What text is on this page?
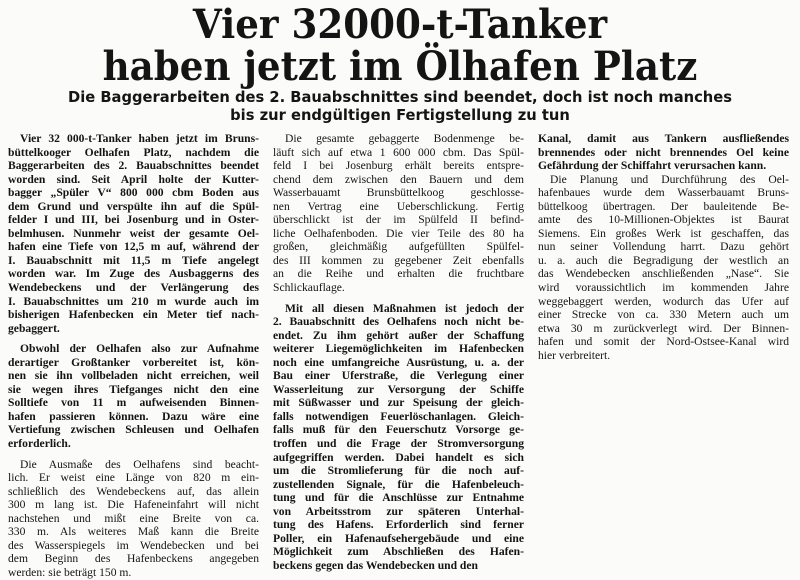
Vier 32000-t-Tanker
haben jetzt im Ölhafen Platz
Die Baggerarbeiten des 2. Bauabschnittes sind beendet, doch ist noch manches
bis zur endgültigen Fertigstellung zu tun

Vier 32 000-t-Tanker haben jetzt im Bruns-
büttelkooger Oelhafen Platz, nachdem die
Baggerarbeiten des 2. Bauabschnittes beendet
worden sind. Seit April holte der Kutter-
bagger „Spüler V“ 800 000 cbm Boden aus
dem Grund und verspülte ihn auf die Spül-
felder I und III, bei Josenburg und in Oster-
belmhusen. Nunmehr weist der gesamte Oel-
hafen eine Tiefe von 12,5 m auf, während der
I. Bauabschnitt mit 11,5 m Tiefe angelegt
worden war. Im Zuge des Ausbaggerns des
Wendebeckens und der Verlängerung des
I. Bauabschnittes um 210 m wurde auch im
bisherigen Hafenbecken ein Meter tief nach-
gebaggert.

Obwohl der Oelhafen also zur Aufnahme
derartiger Großtanker vorbereitet ist, kön-
nen sie ihn vollbeladen nicht erreichen, weil
sie wegen ihres Tiefganges nicht den eine
Solltiefe von 11 m aufweisenden Binnen-
hafen passieren können. Dazu wäre eine
Vertiefung zwischen Schleusen und Oelhafen
erforderlich.

Die Ausmaße des Oelhafens sind beacht-
lich. Er weist eine Länge von 820 m ein-
schließlich des Wendebeckens auf, das allein
300 m lang ist. Die Hafeneinfahrt will nicht
nachstehen und mißt eine Breite von ca.
330 m. Als weiteres Maß kann die Breite
des Wasserspiegels im Wendebecken und bei
dem Beginn des Hafenbeckens angegeben
werden: sie beträgt 150 m.

Die gesamte gebaggerte Bodenmenge be-
läuft sich auf etwa 1 600 000 cbm. Das Spül-
feld I bei Josenburg erhält bereits entspre-
chend dem zwischen den Bauern und dem
Wasserbauamt Brunsbüttelkoog geschlosse-
nen Vertrag eine Ueberschlickung. Fertig
überschlickt ist der im Spülfeld II befind-
liche Oelhafenboden. Die vier Teile des 80 ha
großen, gleichmäßig aufgefüllten Spülfel-
des III kommen zu gegebener Zeit ebenfalls
an die Reihe und erhalten die fruchtbare
Schlickauflage.

Mit all diesen Maßnahmen ist jedoch der
2. Bauabschnitt des Oelhafens noch nicht be-
endet. Zu ihm gehört außer der Schaffung
weiterer Liegemöglichkeiten im Hafenbecken
noch eine umfangreiche Ausrüstung, u. a. der
Bau einer Uferstraße, die Verlegung einer
Wasserleitung zur Versorgung der Schiffe
mit Süßwasser und zur Speisung der gleich-
falls notwendigen Feuerlöschanlagen. Gleich-
falls muß für den Feuerschutz Vorsorge ge-
troffen und die Frage der Stromversorgung
aufgegriffen werden. Dabei handelt es sich
um die Stromlieferung für die noch auf-
zustellenden Signale, für die Hafenbeleuch-
tung und für die Anschlüsse zur Entnahme
von Arbeitsstrom zur späteren Unterhal-
tung des Hafens. Erforderlich sind ferner
Poller, ein Hafenaufsehergebäude und eine
Möglichkeit zum Abschließen des Hafen-
beckens gegen das Wendebecken und den

Kanal, damit aus Tankern ausfließendes
brennendes oder nicht brennendes Oel keine
Gefährdung der Schiffahrt verursachen kann.

Die Planung und Durchführung des Oel-
hafenbaues wurde dem Wasserbauamt Bruns-
büttelkoog übertragen. Der bauleitende Be-
amte des 10-Millionen-Objektes ist Baurat
Siemens. Ein großes Werk ist geschaffen, das
nun seiner Vollendung harrt. Dazu gehört
u. a. auch die Begradigung der westlich an
das Wendebecken anschließenden „Nase“. Sie
wird voraussichtlich im kommenden Jahre
weggebaggert werden, wodurch das Ufer auf
einer Strecke von ca. 330 Metern auch um
etwa 30 m zurückverlegt wird. Der Binnen-
hafen und somit der Nord-Ostsee-Kanal wird
hier verbreitert.
